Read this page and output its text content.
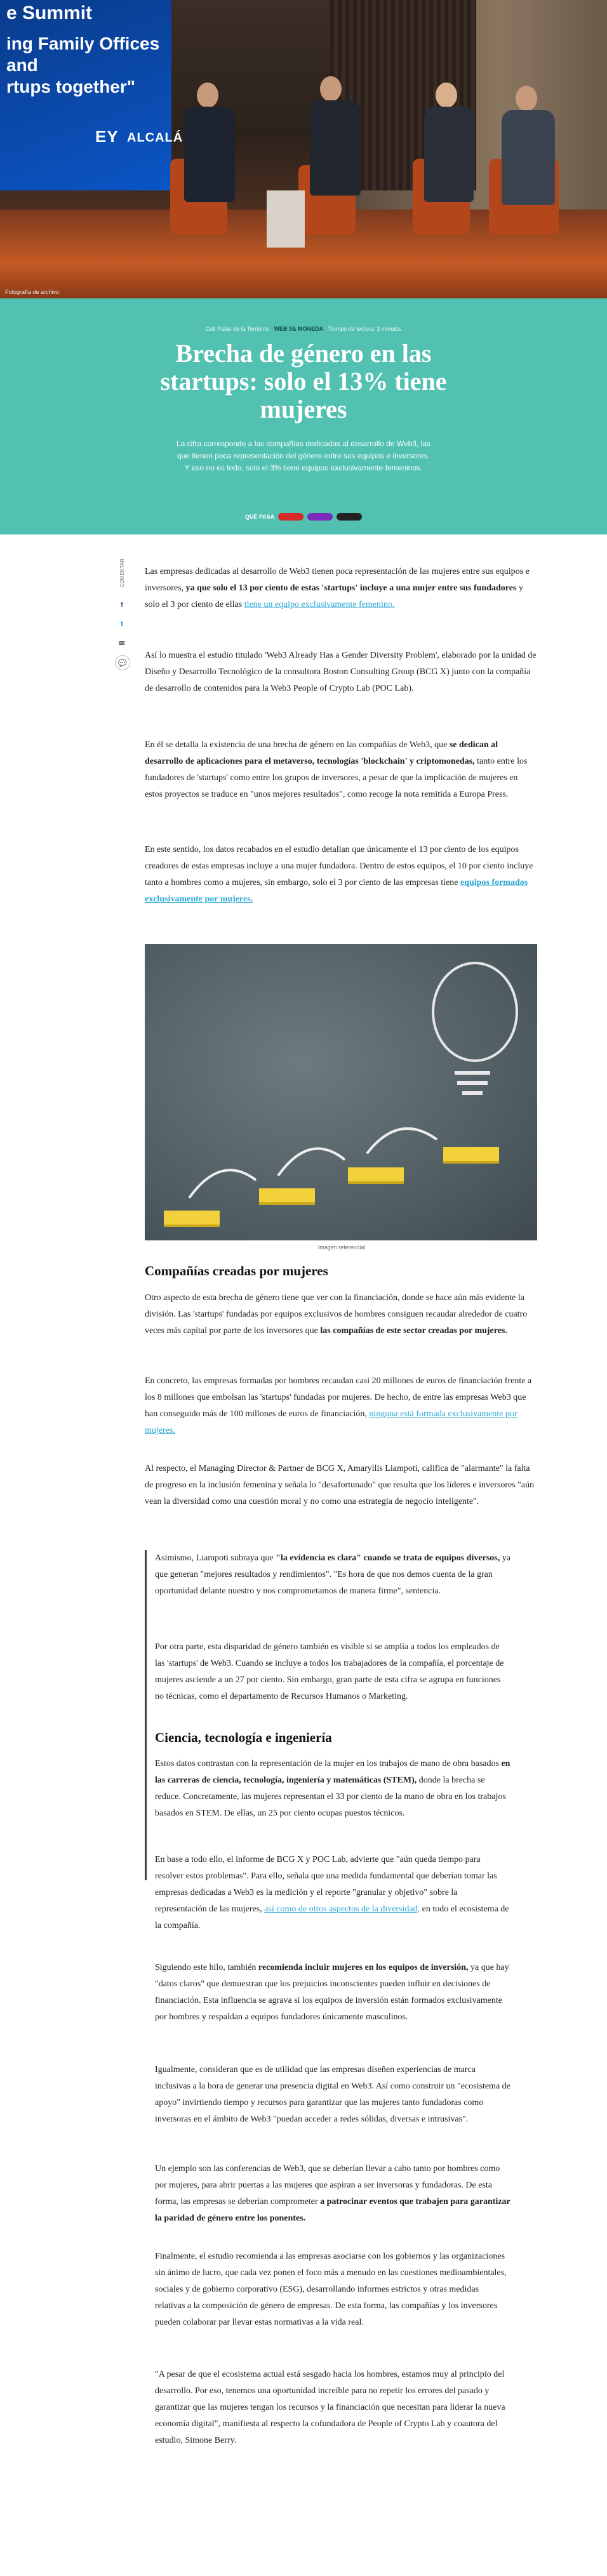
e Summit
ing Family Offices and
rtups together"
EY ALCALÁ
Fotografía de archivo
Cuti Palas de la Torriente WEB 3& MONEDA Tiempo de lectura: 3 minutos
Brecha de género en las startups: solo el 13% tiene mujeres
La cifra corresponde a las compañías dedicadas al desarrollo de Web3, las que tienen poca representación del género entre sus equipos e inversores. Y eso no es todo, solo el 3% tiene equipos exclusivamente femeninos.
QUÉ PASA
COMENTAR
f
t
✉
💬

Las empresas dedicadas al desarrollo de Web3 tienen poca representación de las mujeres entre sus equipos e inversores, ya que solo el 13 por ciento de estas 'startups' incluye a una mujer entre sus fundadores y solo el 3 por ciento de ellas tiene un equipo exclusivamente femenino.

Así lo muestra el estudio titulado 'Web3 Already Has a Gender Diversity Problem', elaborado por la unidad de Diseño y Desarrollo Tecnológico de la consultora Boston Consulting Group (BCG X) junto con la compañía de desarrollo de contenidos para la Web3 People of Crypto Lab (POC Lab).

En él se detalla la existencia de una brecha de género en las compañías de Web3, que se dedican al desarrollo de aplicaciones para el metaverso, tecnologías 'blockchain' y criptomonedas, tanto entre los fundadores de 'startups' como entre los grupos de inversores, a pesar de que la implicación de mujeres en estos proyectos se traduce en "unos mejores resultados", como recoge la nota remitida a Europa Press.

En este sentido, los datos recabados en el estudio detallan que únicamente el 13 por ciento de los equipos creadores de estas empresas incluye a una mujer fundadora. Dentro de estos equipos, el 10 por ciento incluye tanto a hombres como a mujeres, sin embargo, solo el 3 por ciento de las empresas tiene equipos formados exclusivamente por mujeres.

Imagen referencial
Compañías creadas por mujeres

Otro aspecto de esta brecha de género tiene que ver con la financiación, donde se hace aún más evidente la división. Las 'startups' fundadas por equipos exclusivos de hombres consiguen recaudar alrededor de cuatro veces más capital por parte de los inversores que las compañías de este sector creadas por mujeres.

En concreto, las empresas formadas por hombres recaudan casi 20 millones de euros de financiación frente a los 8 millones que embolsan las 'startups' fundadas por mujeres. De hecho, de entre las empresas Web3 que han conseguido más de 100 millones de euros de financiación, ninguna está formada exclusivamente por mujeres.

Al respecto, el Managing Director & Partner de BCG X, Amaryllis Liampoti, califica de "alarmante" la falta de progreso en la inclusión femenina y señala lo "desafortunado" que resulta que los líderes e inversores "aún vean la diversidad como una cuestión moral y no como una estrategia de negocio inteligente".

Asimismo, Liampoti subraya que "la evidencia es clara" cuando se trata de equipos diversos, ya que generan "mejores resultados y rendimientos". "Es hora de que nos demos cuenta de la gran oportunidad delante nuestro y nos comprometamos de manera firme", sentencia.

Por otra parte, esta disparidad de género también es visible si se amplía a todos los empleados de las 'startups' de Web3. Cuando se incluye a todos los trabajadores de la compañía, el porcentaje de mujeres asciende a un 27 por ciento. Sin embargo, gran parte de esta cifra se agrupa en funciones no técnicas, como el departamento de Recursos Humanos o Marketing.

Ciencia, tecnología e ingeniería

Estos datos contrastan con la representación de la mujer en los trabajos de mano de obra basados en las carreras de ciencia, tecnología, ingeniería y matemáticas (STEM), donde la brecha se reduce. Concretamente, las mujeres representan el 33 por ciento de la mano de obra en los trabajos basados en STEM. De ellas, un 25 por ciento ocupas puestos técnicos.

En base a todo ello, el informe de BCG X y POC Lab, advierte que "aún queda tiempo para resolver estos problemas". Para ello, señala que una medida fundamental que deberían tomar las empresas dedicadas a Web3 es la medición y el reporte "granular y objetivo" sobre la representación de las mujeres, así como de otros aspectos de la diversidad, en todo el ecosistema de la compañía.

Siguiendo este hilo, también recomienda incluir mujeres en los equipos de inversión, ya que hay "datos claros" que demuestran que los prejuicios inconscientes pueden influir en decisiones de financiación. Esta influencia se agrava si los equipos de inversión están formados exclusivamente por hombres y respaldan a equipos fundadores únicamente masculinos.

Igualmente, consideran que es de utilidad que las empresas diseñen experiencias de marca inclusivas a la hora de generar una presencia digital en Web3. Así como construir un "ecosistema de apoyo" invirtiendo tiempo y recursos para garantizar que las mujeres tanto fundadoras como inversoras en el ámbito de Web3 "puedan acceder a redes sólidas, diversas e intrusivas".

Un ejemplo son las conferencias de Web3, que se deberían llevar a cabo tanto por hombres como por mujeres, para abrir puertas a las mujeres que aspiran a ser inversoras y fundadoras. De esta forma, las empresas se deberían comprometer a patrocinar eventos que trabajen para garantizar la paridad de género entre los ponentes.

Finalmente, el estudio recomienda a las empresas asociarse con los gobiernos y las organizaciones sin ánimo de lucro, que cada vez ponen el foco más a menudo en las cuestiones medioambientales, sociales y de gobierno corporativo (ESG), desarrollando informes estrictos y otras medidas relativas a la composición de género de empresas. De esta forma, las compañías y los inversores pueden colaborar par llevar estas normativas a la vida real.

"A pesar de que el ecosistema actual está sesgado hacia los hombres, estamos muy al principio del desarrollo. Por eso, tenemos una oportunidad increíble para no repetir los errores del pasado y garantizar que las mujeres tengan los recursos y la financiación que necesitan para liderar la nueva economía digital", manifiesta al respecto la cofundadora de People of Crypto Lab y coautora del estudio, Simone Berry.
